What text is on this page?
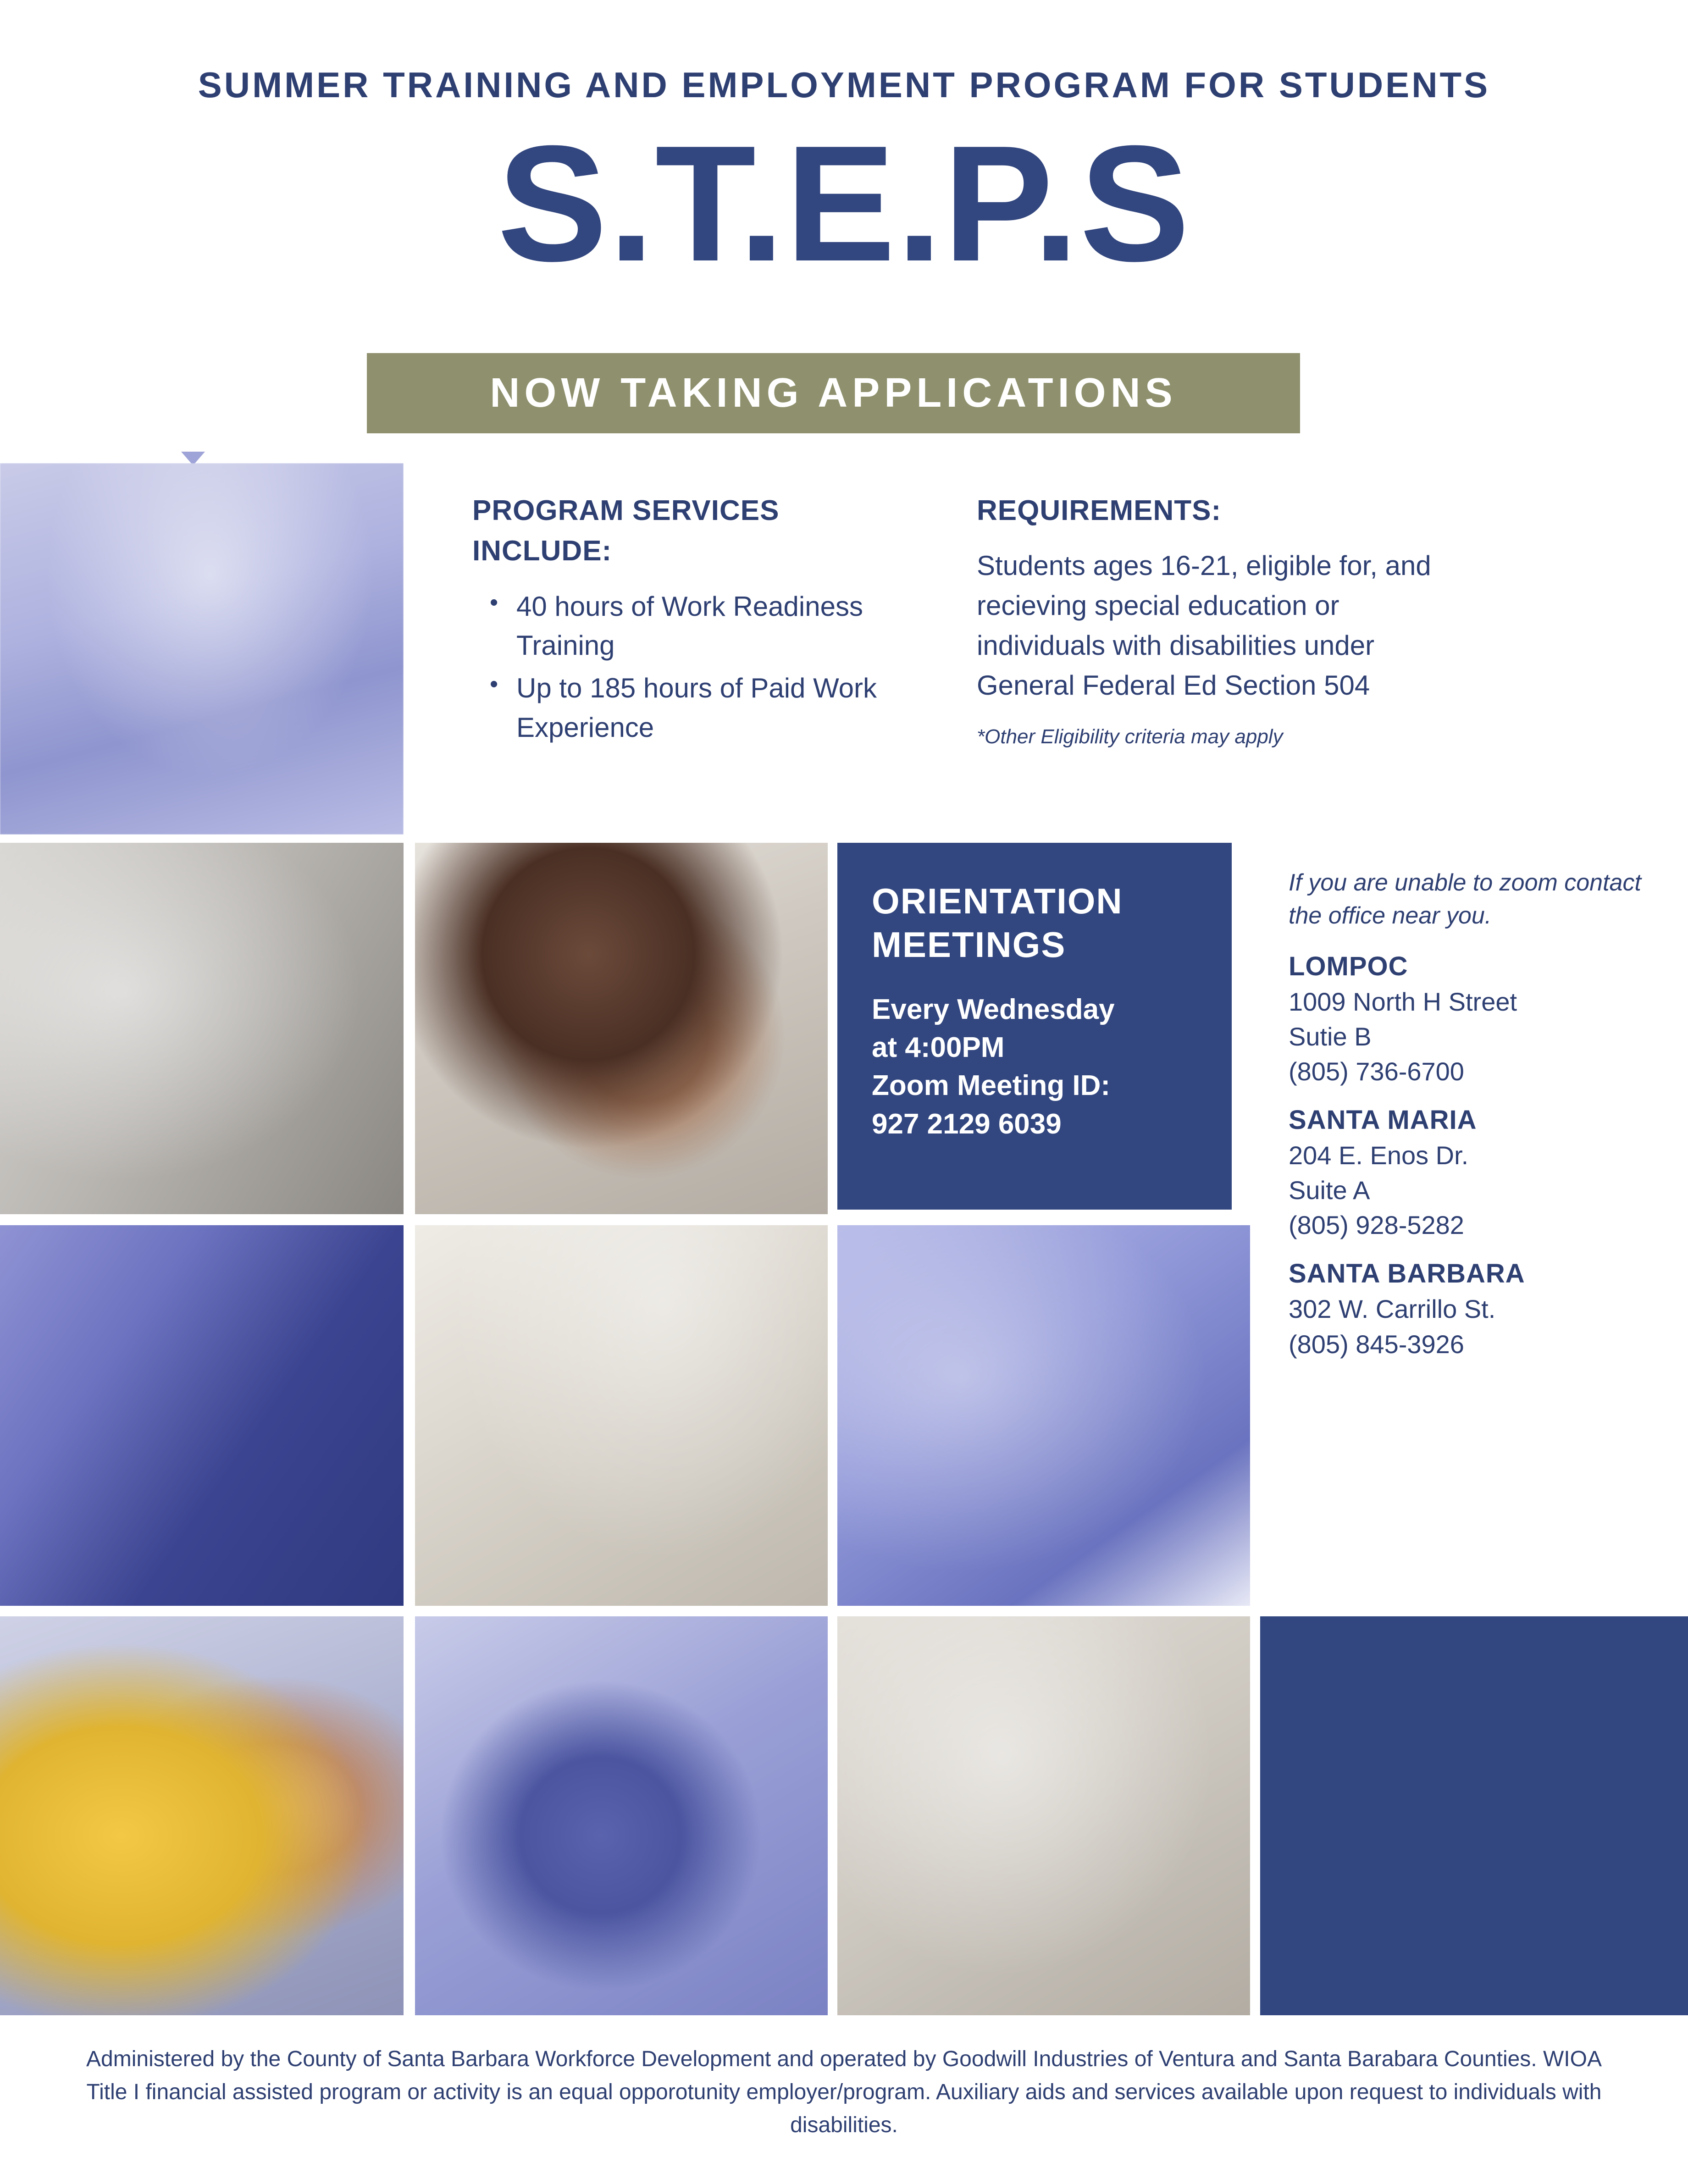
SUMMER TRAINING AND EMPLOYMENT PROGRAM FOR STUDENTS
S.T.E.P.S
NOW TAKING APPLICATIONS
PROGRAM SERVICES
INCLUDE:
• 40 hours of Work Readiness Training
• Up to 185 hours of Paid Work Experience
REQUIREMENTS:
Students ages 16-21, eligible for, and recieving special education or individuals with disabilities under General Federal Ed Section 504
*Other Eligibility criteria may apply
ORIENTATION
MEETINGS
Every Wednesday
at 4:00PM
Zoom Meeting ID:
927 2129 6039
If you are unable to zoom contact the office near you.
LOMPOC
1009 North H Street
Sutie B
(805) 736-6700
SANTA MARIA
204 E. Enos Dr.
Suite A
(805) 928-5282
SANTA BARBARA
302 W. Carrillo St.
(805) 845-3926
Administered by the County of Santa Barbara Workforce Development and operated by Goodwill Industries of Ventura and Santa Barabara Counties. WIOA Title I financial assisted program or activity is an equal opporotunity employer/program. Auxiliary aids and services available upon request to individuals with disabilities.
